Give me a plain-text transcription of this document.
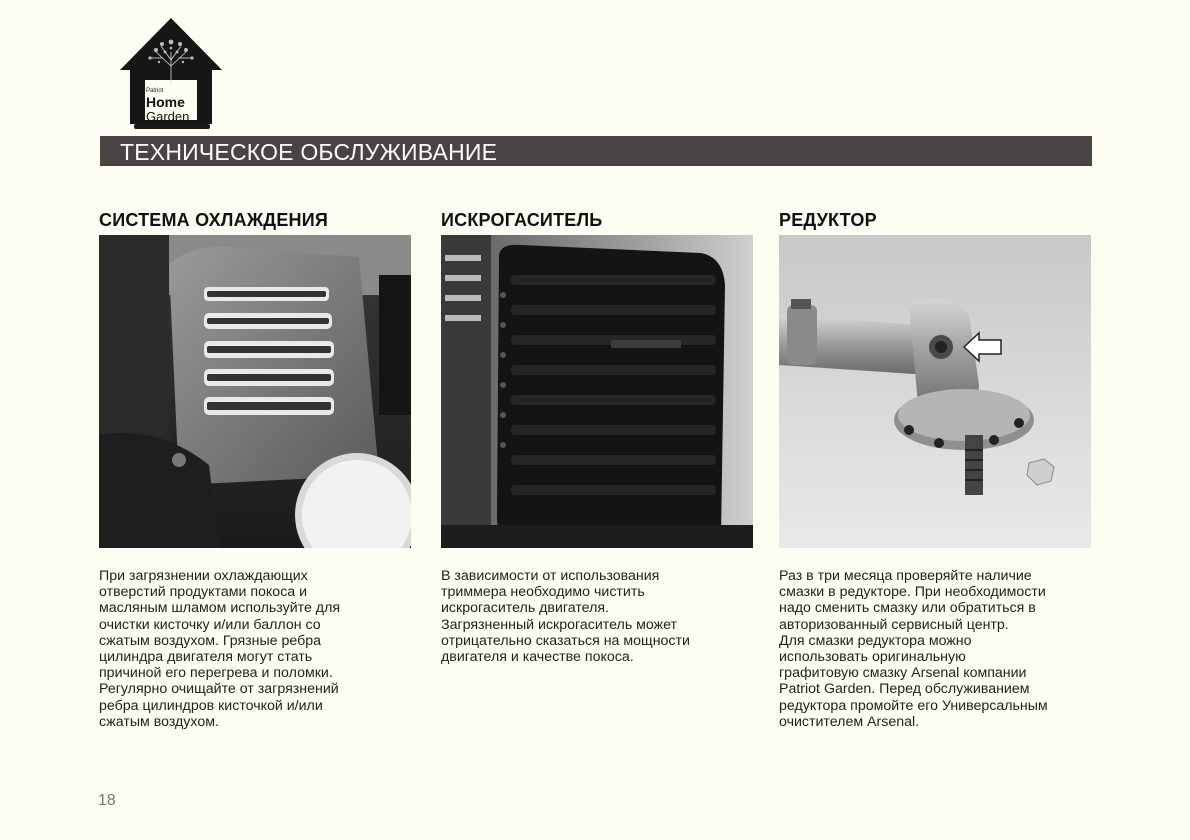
Patriot
Home
Garden
ТЕХНИЧЕСКОЕ ОБСЛУЖИВАНИЕ
СИСТЕМА ОХЛАЖДЕНИЯ

При загрязнении охлаждающих
отверстий продуктами покоса и
масляным шламом используйте для
очистки кисточку и/или баллон со
сжатым воздухом. Грязные ребра
цилиндра двигателя могут стать
причиной его перегрева и поломки.
Регулярно очищайте от загрязнений
ребра цилиндров кисточкой и/или
сжатым воздухом.

ИСКРОГАСИТЕЛЬ

В зависимости от использования
триммера необходимо чистить
искрогаситель двигателя.
Загрязненный искрогаситель может
отрицательно сказаться на мощности
двигателя и качестве покоса.

РЕДУКТОР

Раз в три месяца проверяйте наличие
смазки в редукторе. При необходимости
надо сменить смазку или обратиться в
авторизованный сервисный центр.
Для смазки редуктора можно
использовать оригинальную
графитовую смазку Arsenal компании
Patriot Garden. Перед обслуживанием
редуктора промойте его Универсальным
очистителем Arsenal.

18
